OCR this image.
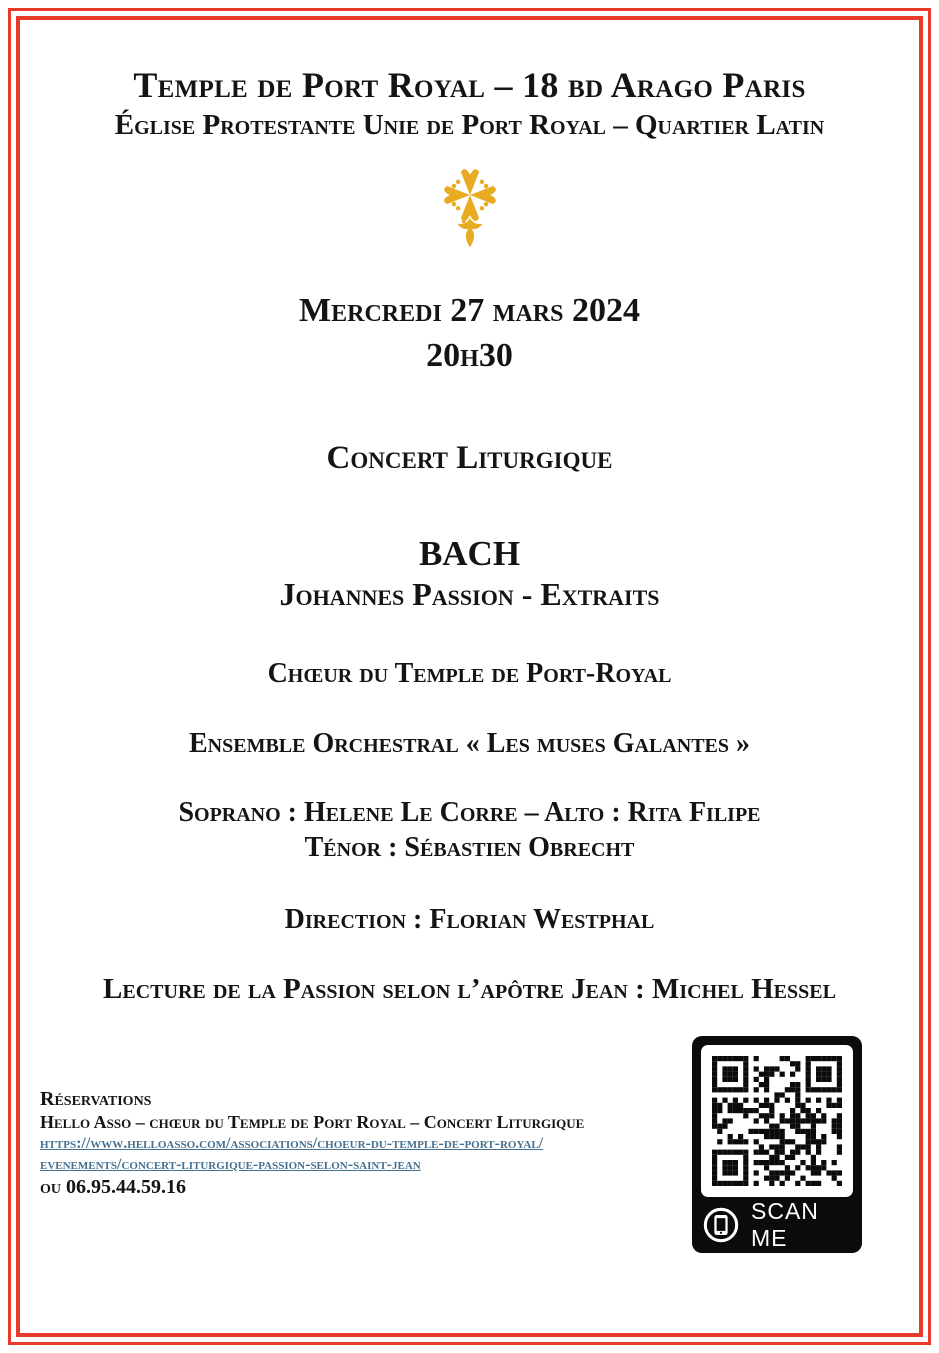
Temple de Port Royal – 18 bd Arago Paris
Église Protestante Unie de Port Royal – Quartier Latin
Mercredi 27 mars 2024
20h30
Concert Liturgique
BACH
Johannes Passion - Extraits
Chœur du Temple de Port-Royal
Ensemble Orchestral « Les muses Galantes »
Soprano : Helene Le Corre – Alto : Rita Filipe
Ténor : Sébastien Obrecht
Direction : Florian Westphal
Lecture de la Passion selon l’apôtre Jean : Michel Hessel
Réservations
Hello Asso – chœur du Temple de Port Royal – Concert Liturgique
https://www.helloasso.com/associations/choeur-du-temple-de-port-royal/
evenements/concert-liturgique-passion-selon-saint-jean
ou 06.95.44.59.16
SCAN ME
